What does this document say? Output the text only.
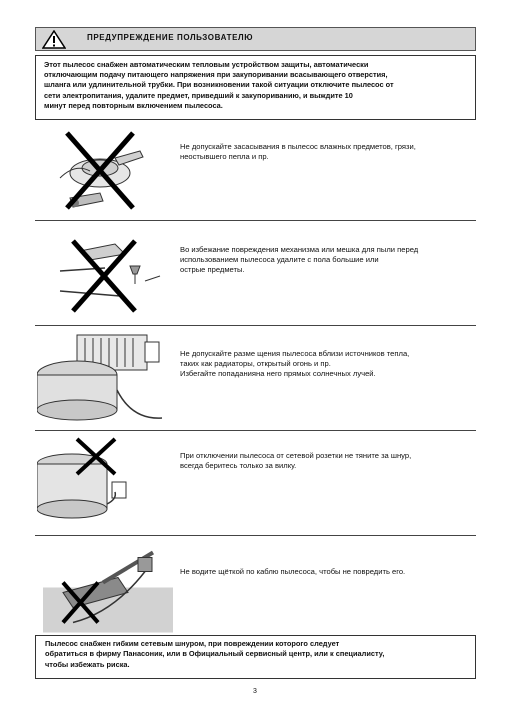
ПРЕДУПРЕЖДЕНИЕ ПОЛЬЗОВАТЕЛЮ
Этот пылесос снабжен автоматическим тепловым устройством защиты, автоматически
отключающим подачу питающего напряжения при закупоривании всасывающего отверстия,
шланга или удлинительной трубки. При возникновении такой ситуации отключите пылесос от
сети электропитания, удалите предмет, приведший к закупориванию, и выждите 10
минут перед повторным включением пылесоса.
Не допускайте засасывания в пылесос влажных предметов, грязи,
неостывшего пепла и пр.
Во избежание повреждения механизма или мешка для пыли перед
использованием пылесоса удалите с пола большие или
острые предметы.
Не допускайте разме щения пылесоса вблизи источников тепла,
таких как радиаторы, открытый огонь и пр.
Избегайте попаданияна него прямых солнечных лучей.
При отключении пылесоса от сетевой розетки не тяните за шнур,
всегда беритесь только за вилку.
Не водите щёткой по каблю пылесоса, чтобы не повредить его.
Пылесос снабжен гибким сетевым шнуром, при повреждении которого следует
обратиться в фирму Панасоник, или в Официальный сервисный центр, или к специалисту,
чтобы избежать риска.
3
